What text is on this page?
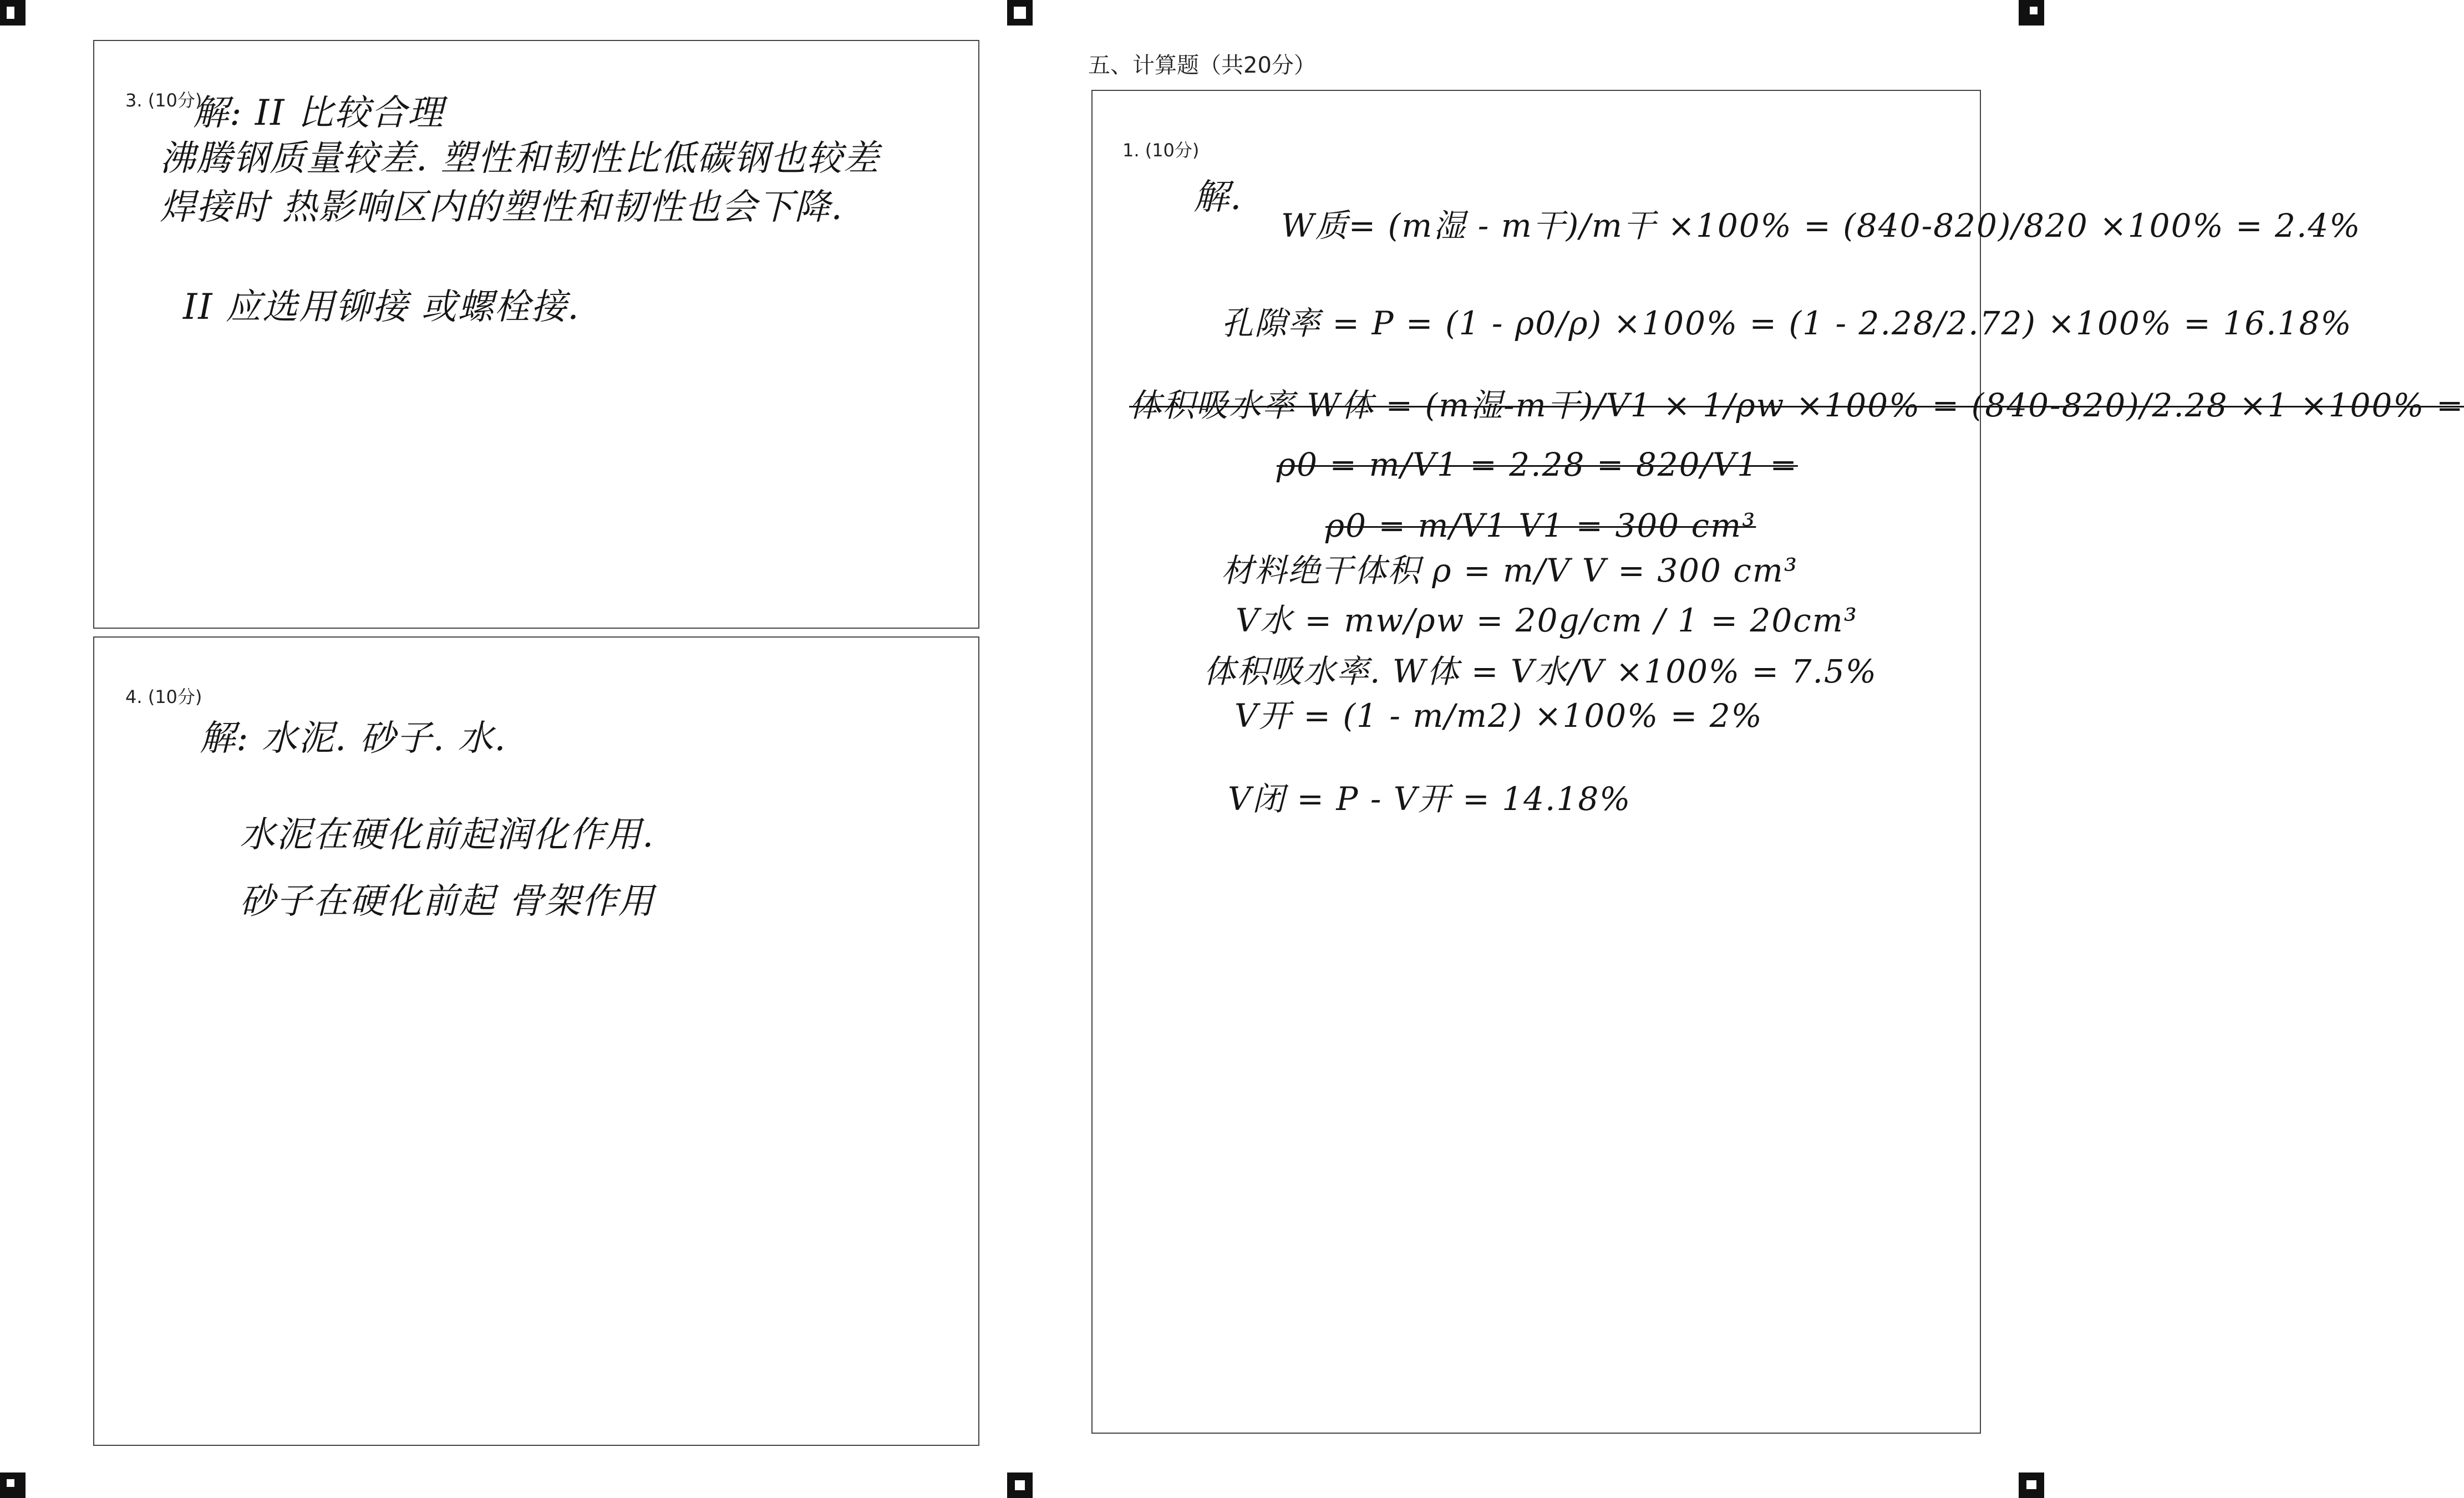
3. (10分)
解: II 比较合理
沸腾钢质量较差. 塑性和韧性比低碳钢也较差
焊接时 热影响区内的塑性和韧性也会下降.
II 应选用铆接 或螺栓接.
4. (10分)
解: 水泥. 砂子. 水.
水泥在硬化前起润化作用.
砂子在硬化前起 骨架作用
五、计算题（共20分）
1. (10分)
解.
W质= (m湿 - m干)/m干 ×100% = (840-820)/820 ×100% = 2.4%
孔隙率 = P = (1 - ρ0/ρ) ×100% = (1 - 2.28/2.72) ×100% = 16.18%
体积吸水率 W体 = (m湿-m干)/V1 × 1/ρw ×100% = (840-820)/2.28 ×1 ×100% =
ρ0 = m/V1 = 2.28 = 820/V1 =
ρ0 = m/V1 V1 = 300 cm³
材料绝干体积 ρ = m/V V = 300 cm³
V水 = mw/ρw = 20g/cm / 1 = 20cm³
体积吸水率. W体 = V水/V ×100% = 7.5%
V开 = (1 - m/m2) ×100% = 2%
V闭 = P - V开 = 14.18%
